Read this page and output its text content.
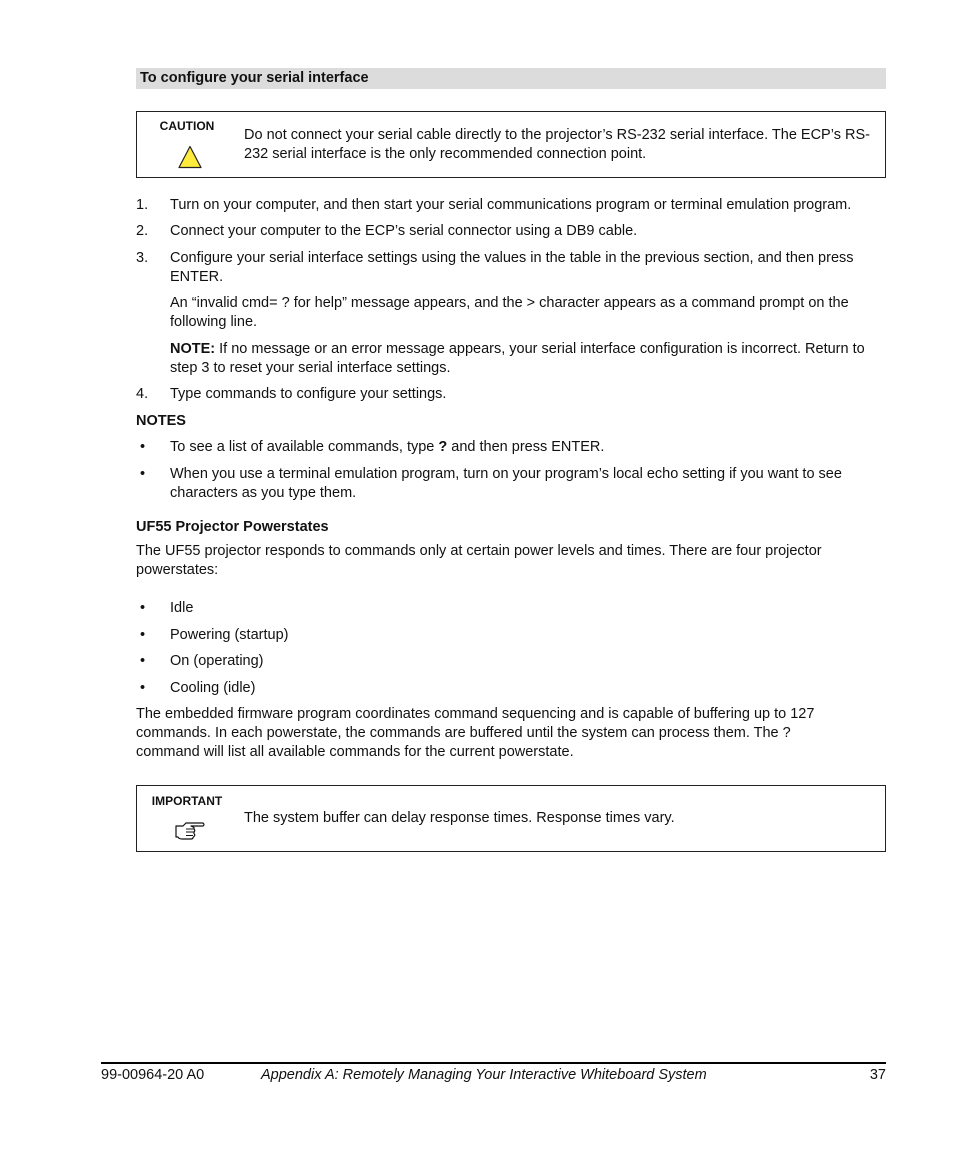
To configure your serial interface
CAUTION
Do not connect your serial cable directly to the projector’s RS-232 serial interface. The ECP’s RS-232 serial interface is the only recommended connection point.
1. Turn on your computer, and then start your serial communications program or terminal emulation program.
2. Connect your computer to the ECP’s serial connector using a DB9 cable.
3. Configure your serial interface settings using the values in the table in the previous section, and then press ENTER.
An “invalid cmd= ? for help” message appears, and the > character appears as a command prompt on the following line.
NOTE: If no message or an error message appears, your serial interface configuration is incorrect. Return to step 3 to reset your serial interface settings.
4. Type commands to configure your settings.
NOTES
• To see a list of available commands, type ? and then press ENTER.
• When you use a terminal emulation program, turn on your program’s local echo setting if you want to see characters as you type them.
UF55 Projector Powerstates
The UF55 projector responds to commands only at certain power levels and times. There are four projector powerstates:
• Idle
• Powering (startup)
• On (operating)
• Cooling (idle)
The embedded firmware program coordinates command sequencing and is capable of buffering up to 127 commands. In each powerstate, the commands are buffered until the system can process them. The ? command will list all available commands for the current powerstate.
IMPORTANT
The system buffer can delay response times. Response times vary.
99-00964-20 A0	Appendix A: Remotely Managing Your Interactive Whiteboard System	37
